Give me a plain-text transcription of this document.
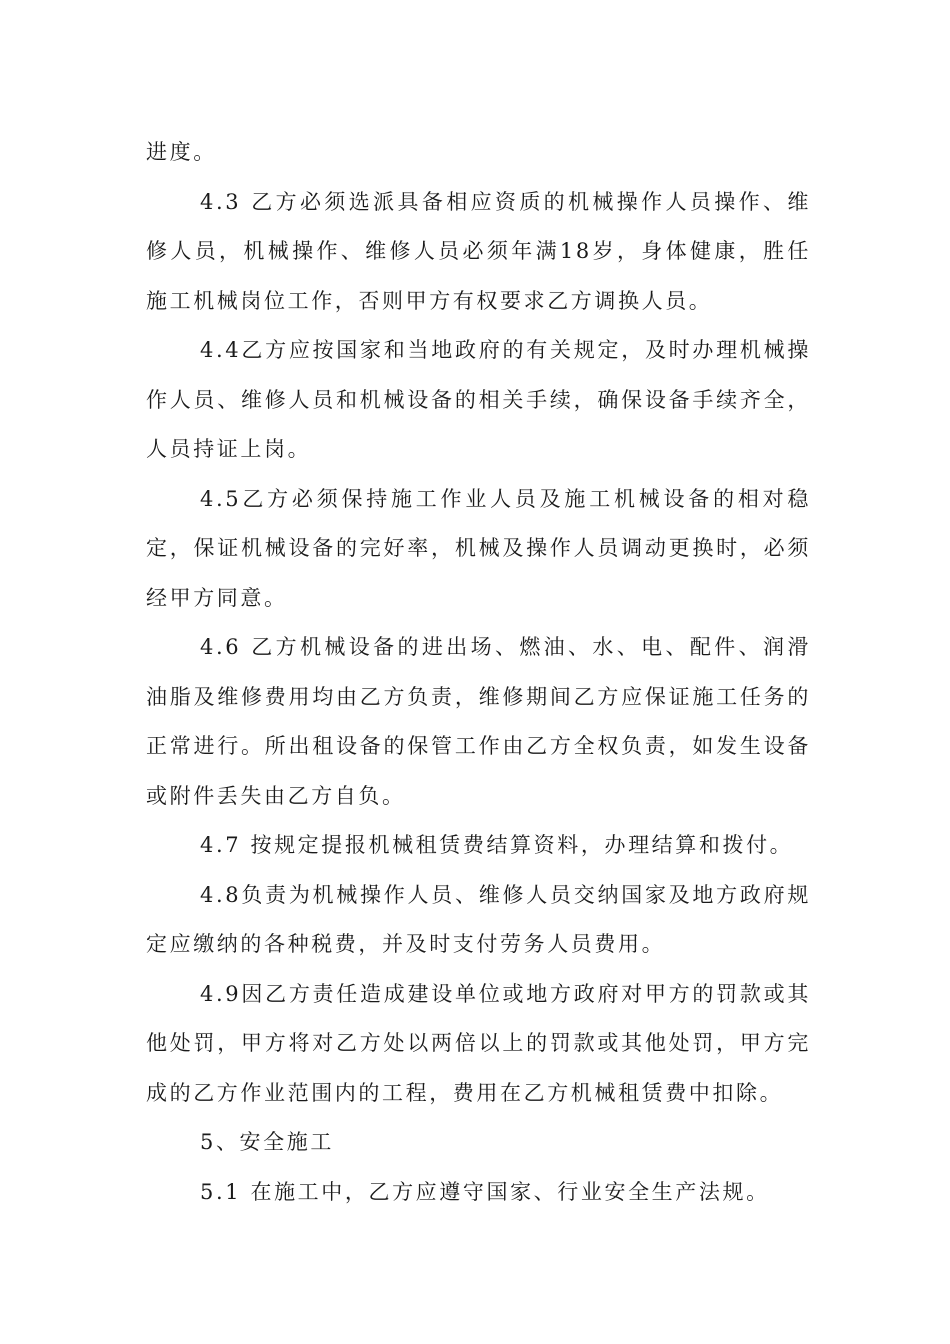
进度。

4.3 乙方必须选派具备相应资质的机械操作人员操作、维修人员，机械操作、维修人员必须年满18岁，身体健康，胜任施工机械岗位工作，否则甲方有权要求乙方调换人员。

4.4乙方应按国家和当地政府的有关规定，及时办理机械操作人员、维修人员和机械设备的相关手续，确保设备手续齐全，人员持证上岗。

4.5乙方必须保持施工作业人员及施工机械设备的相对稳定，保证机械设备的完好率，机械及操作人员调动更换时，必须经甲方同意。

4.6 乙方机械设备的进出场、燃油、水、电、配件、润滑油脂及维修费用均由乙方负责，维修期间乙方应保证施工任务的正常进行。所出租设备的保管工作由乙方全权负责，如发生设备或附件丢失由乙方自负。

4.7 按规定提报机械租赁费结算资料，办理结算和拨付。

4.8负责为机械操作人员、维修人员交纳国家及地方政府规定应缴纳的各种税费，并及时支付劳务人员费用。

4.9因乙方责任造成建设单位或地方政府对甲方的罚款或其他处罚，甲方将对乙方处以两倍以上的罚款或其他处罚，甲方完成的乙方作业范围内的工程，费用在乙方机械租赁费中扣除。

5、安全施工

5.1 在施工中，乙方应遵守国家、行业安全生产法规。
